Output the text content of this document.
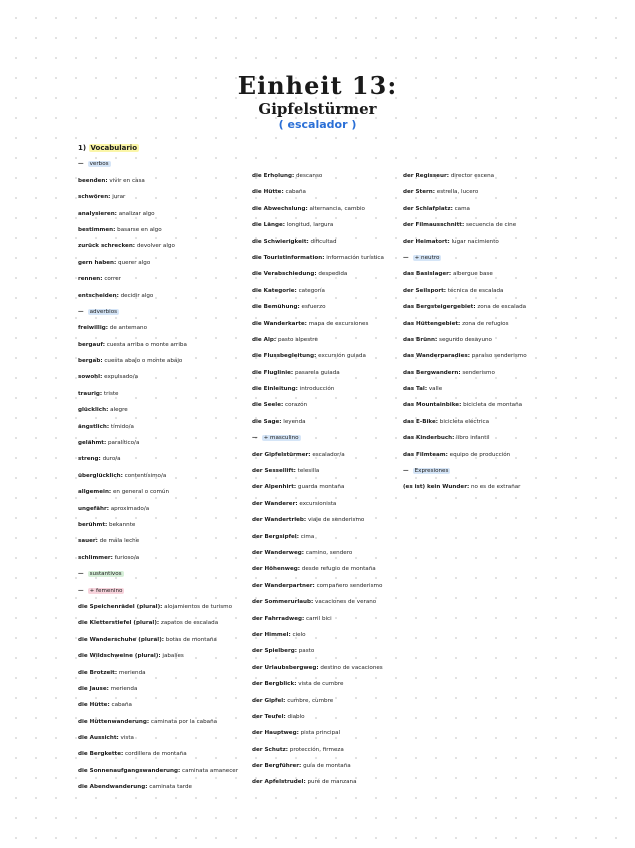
Einheit 13:
Gipfelstürmer
( escalador )
1) Vocabulario
— verbos
beenden: vivir en casa
schwören: jurar
analysieren: analizar algo
bestimmen: basarse en algo
zurück schrecken: devolver algo
gern haben: querer algo
rennen: correr
entscheiden: decidir algo
— adverbios
freiwillig: de antemano
bergauf: cuesta arriba o monte arriba
bergab: cuesta abajo o monte abajo
sowohl: expulsado/a
traurig: triste
glücklich: alegre
ängstlich: tímido/a
gelähmt: paralítico/a
streng: duro/a
überglücklich: contentísimo/a
allgemein: en general o común
ungefähr: aproximado/a
berühmt: bekannte
sauer: de mala leche
schlimmer: furioso/a
— sustantivos
— + femenino
die Speichenrädel (plural): alojamientos de turismo
die Kletterstiefel (plural): zapatos de escalada
die Wanderschuhe (plural): botas de montaña
die Wildschweine (plural): jabalíes
die Brotzeit: merienda
die Jause: merienda
die Hütte: cabaña
die Hüttenwanderung: caminata por la cabaña
die Aussicht: vista
die Bergkette: cordillera de montaña
die Sonnenaufgangswanderung: caminata amanecer
die Abendwanderung: caminata tarde
die Erholung: descanso
die Hütte: cabaña
die Abwechslung: alternancia, cambio
die Länge: longitud, largura
die Schwierigkeit: dificultad
die Touristinformation: información turística
die Verabschiedung: despedida
die Kategorie: categoría
die Bemühung: esfuerzo
die Wanderkarte: mapa de excursiones
die Alp: pasto alpestre
die Flussbegleitung: excursión guiada
die Fluglinie: pasarela guiada
die Einleitung: introducción
die Seele: corazón
die Sage: leyenda
— + masculino
der Gipfelstürmer: escalador/a
der Sessellift: telesilla
der Alpenhirt: guarda montaña
der Wanderer: excursionista
der Wandertrieb: viaje de senderismo
der Bergsipfel: cima
der Wanderweg: camino, sendero
der Höhenweg: desde refugio de montaña
der Wanderpartner: compañero senderismo
der Sommerurlaub: vacaciones de verano
der Fahrradweg: carril bici
der Himmel: cielo
der Spielberg: pasto
der Urlaubsbergweg: destino de vacaciones
der Bergblick: vista de cumbre
der Gipfel: cumbre, cumbre
der Teufel: diablo
der Hauptweg: pista principal
der Schutz: protección, firmeza
der Bergführer: guía de montaña
der Apfelstrudel: puré de manzana
der Regisseur: director escena
der Stern: estrella, lucero
der Schlafplatz: cama
der Filmausschnitt: secuencia de cine
der Heimatort: lugar nacimiento
— + neutro
das Basislager: albergue base
der Seilsport: técnica de escalada
das Bergsteigergebiet: zona de escalada
das Hüttengebiet: zona de refugios
das Brünn: segundo desayuno
das Wanderparadies: paraíso senderismo
das Bergwandern: senderismo
das Tal: valle
das Mountainbike: bicicleta de montaña
das E-Bike: bicicleta eléctrica
das Kinderbuch: libro infantil
das Filmteam: equipo de producción
— Expresiones
(es ist) kein Wunder: no es de extrañar
